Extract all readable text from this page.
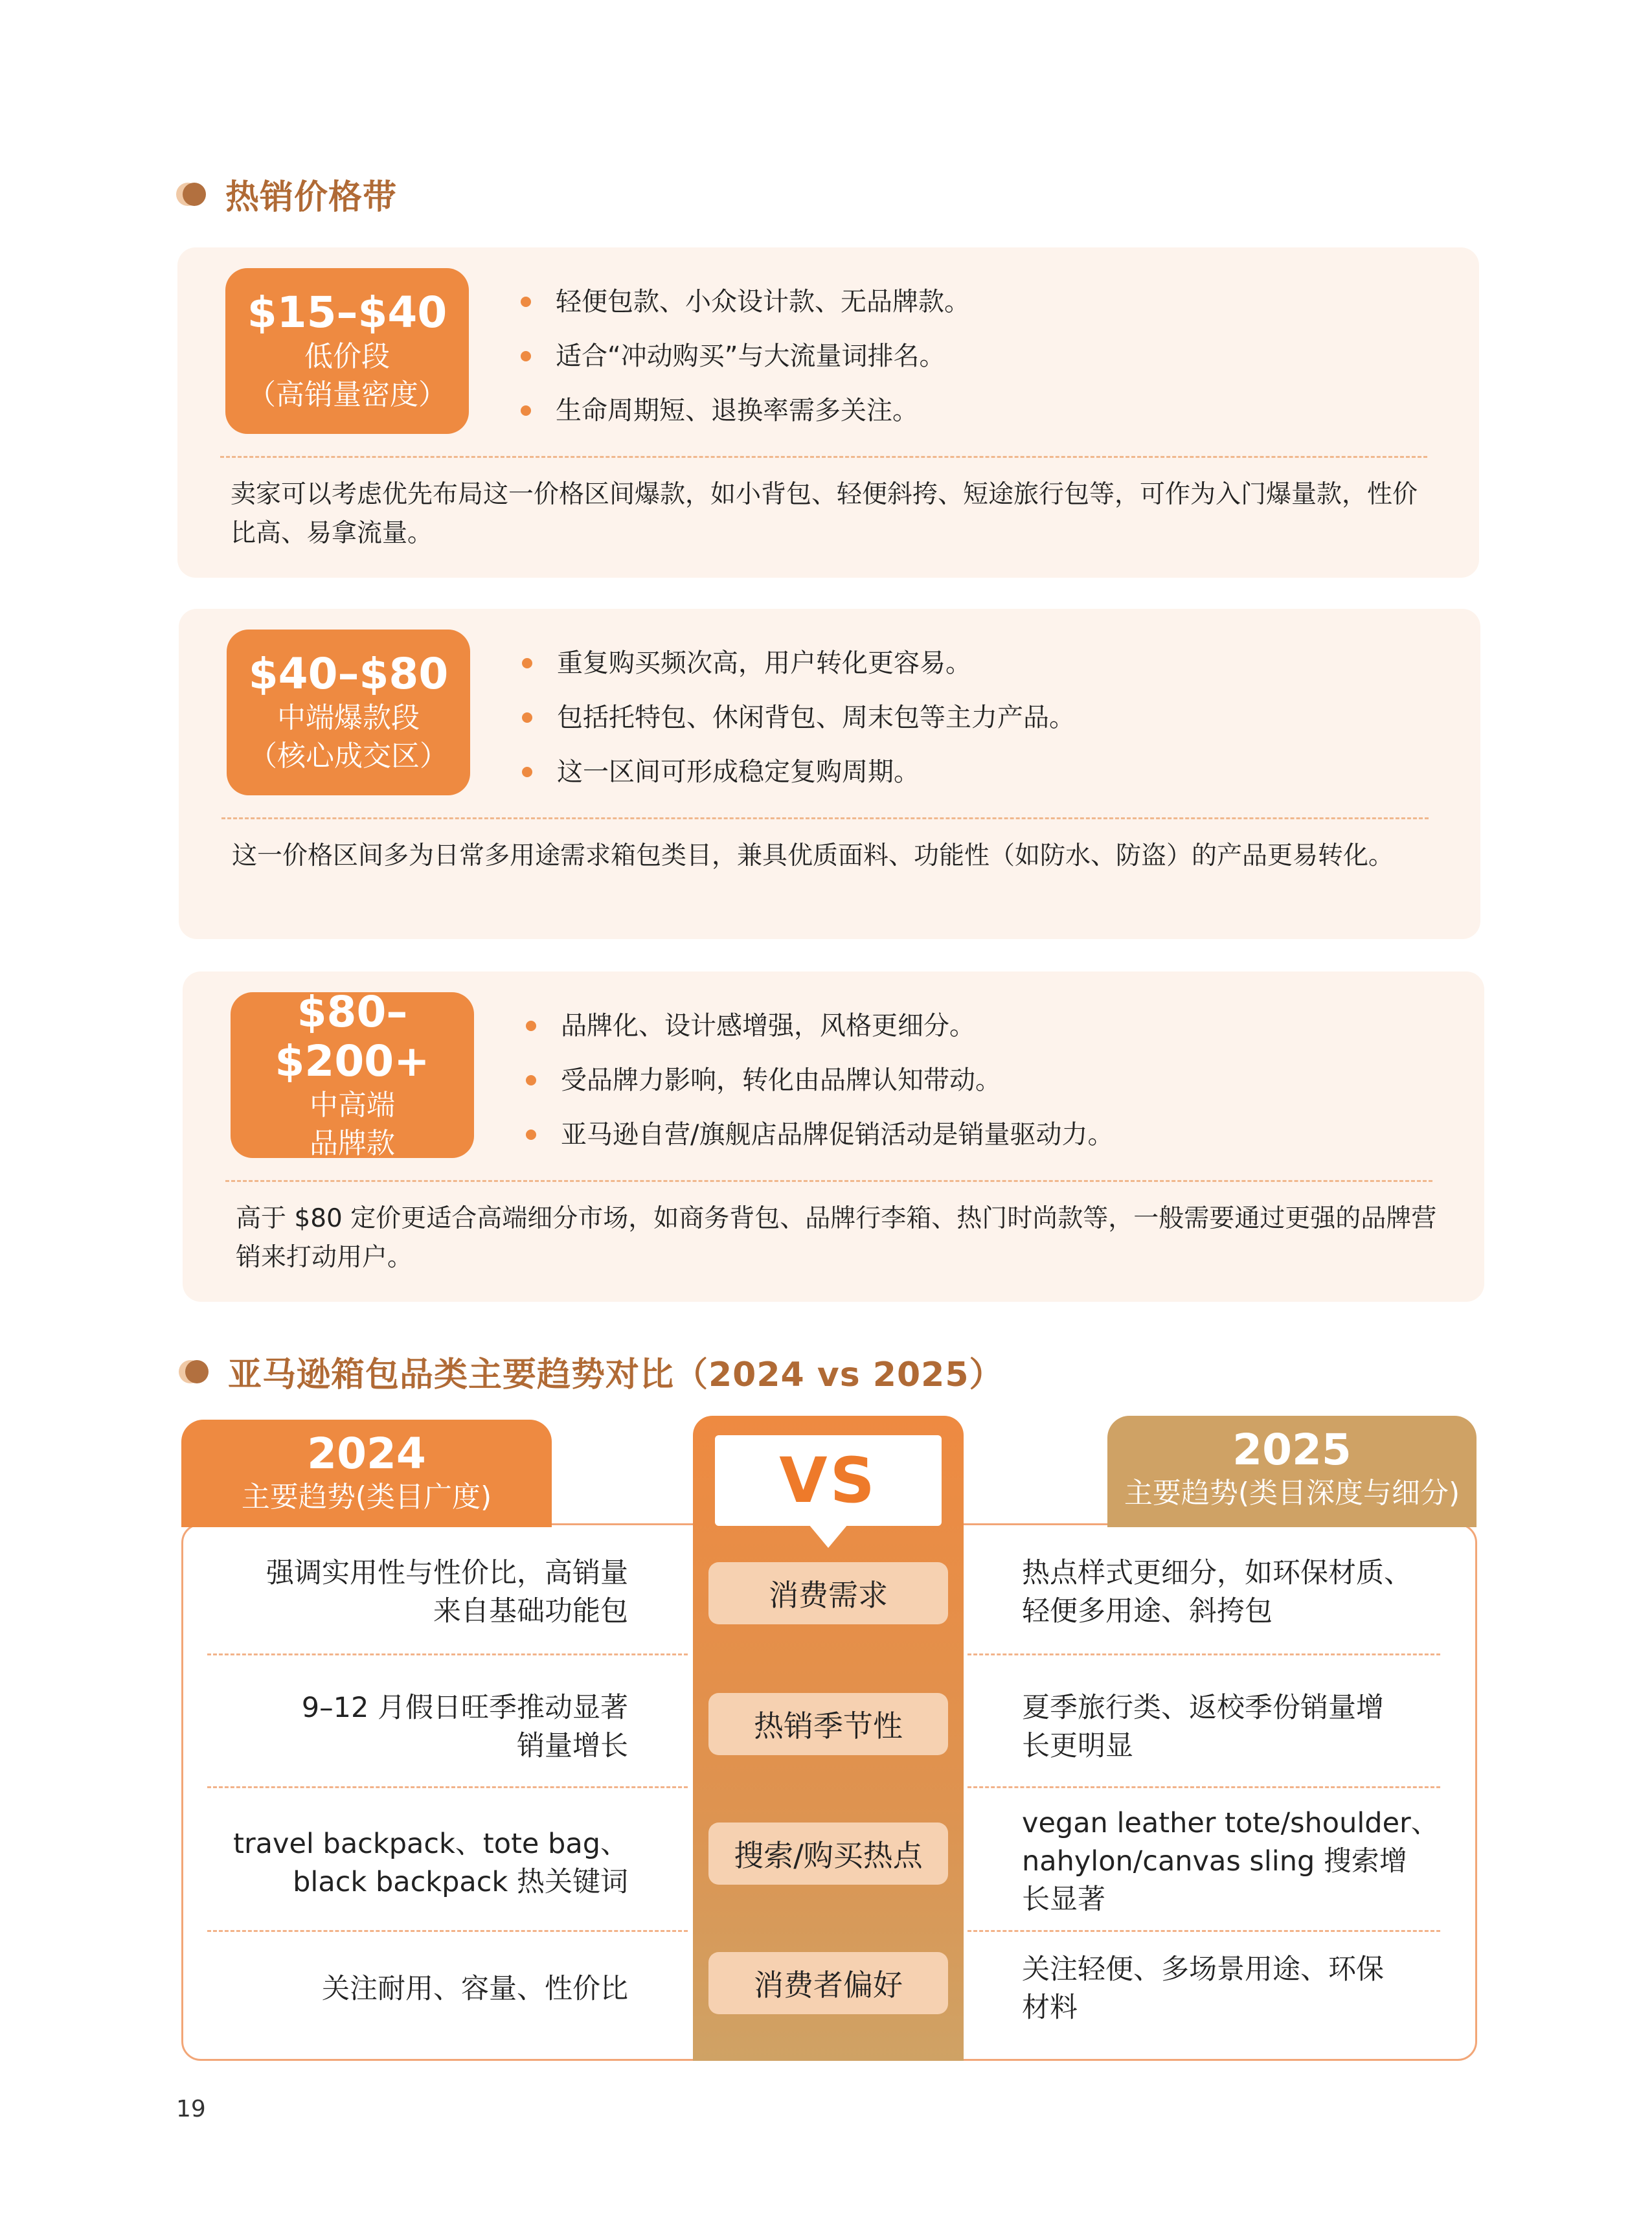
热销价格带
$15–$40
低价段
（高销量密度）
轻便包款、小众设计款、无品牌款。
适合“冲动购买”与大流量词排名。
生命周期短、退换率需多关注。
卖家可以考虑优先布局这一价格区间爆款，如小背包、轻便斜挎、短途旅行包等，可作为入门爆量款，性价比高、易拿流量。
$40–$80
中端爆款段
（核心成交区）
重复购买频次高，用户转化更容易。
包括托特包、休闲背包、周末包等主力产品。
这一区间可形成稳定复购周期。
这一价格区间多为日常多用途需求箱包类目，兼具优质面料、功能性（如防水、防盗）的产品更易转化。
$80–$200+
中高端
品牌款
品牌化、设计感增强，风格更细分。
受品牌力影响，转化由品牌认知带动。
亚马逊自营/旗舰店品牌促销活动是销量驱动力。
高于 $80 定价更适合高端细分市场，如商务背包、品牌行李箱、热门时尚款等，一般需要通过更强的品牌营销来打动用户。
亚马逊箱包品类主要趋势对比（2024 vs 2025）
2024
主要趋势(类目广度)
2025
主要趋势(类目深度与细分)
VS
消费需求
热销季节性
搜索/购买热点
消费者偏好
强调实用性与性价比，高销量
来自基础功能包
热点样式更细分，如环保材质、
轻便多用途、斜挎包
9–12 月假日旺季推动显著
销量增长
夏季旅行类、返校季份销量增
长更明显
travel backpack、tote bag、
black backpack 热关键词
vegan leather tote/shoulder、
nahylon/canvas sling 搜索增
长显著
关注耐用、容量、性价比
关注轻便、多场景用途、环保
材料
19
